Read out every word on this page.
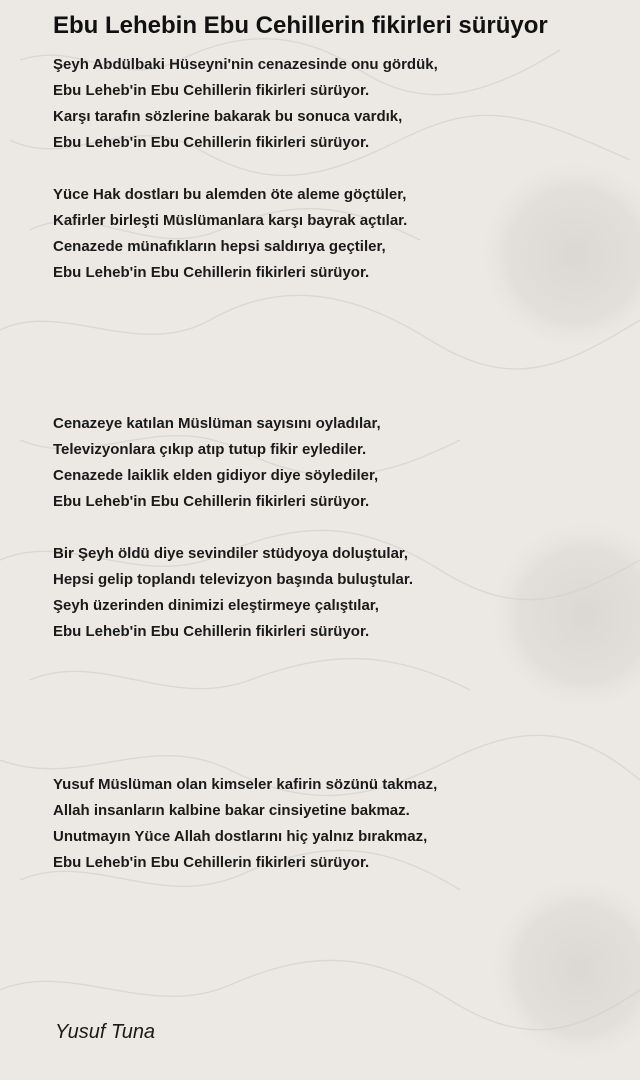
Ebu Lehebin Ebu Cehillerin fikirleri sürüyor
Şeyh Abdülbaki Hüseyni'nin cenazesinde onu gördük,
Ebu Leheb'in Ebu Cehillerin fikirleri sürüyor.
Karşı tarafın sözlerine bakarak bu sonuca vardık,
Ebu Leheb'in Ebu Cehillerin fikirleri sürüyor.
Yüce Hak dostları bu alemden öte aleme göçtüler,
Kafirler birleşti Müslümanlara karşı bayrak açtılar.
Cenazede münafıkların hepsi saldırıya geçtiler,
Ebu Leheb'in Ebu Cehillerin fikirleri sürüyor.
Cenazeye katılan Müslüman sayısını oyladılar,
Televizyonlara çıkıp atıp tutup fikir eylediler.
Cenazede laiklik elden gidiyor diye söylediler,
Ebu Leheb'in Ebu Cehillerin fikirleri sürüyor.
Bir Şeyh öldü diye sevindiler stüdyoya doluştular,
Hepsi gelip toplandı televizyon başında buluştular.
Şeyh üzerinden dinimizi eleştirmeye çalıştılar,
Ebu Leheb'in Ebu Cehillerin fikirleri sürüyor.
Yusuf Müslüman olan kimseler kafirin sözünü takmaz,
Allah insanların kalbine bakar cinsiyetine bakmaz.
Unutmayın Yüce Allah dostlarını hiç yalnız bırakmaz,
Ebu Leheb'in Ebu Cehillerin fikirleri sürüyor.

Yusuf Tuna
